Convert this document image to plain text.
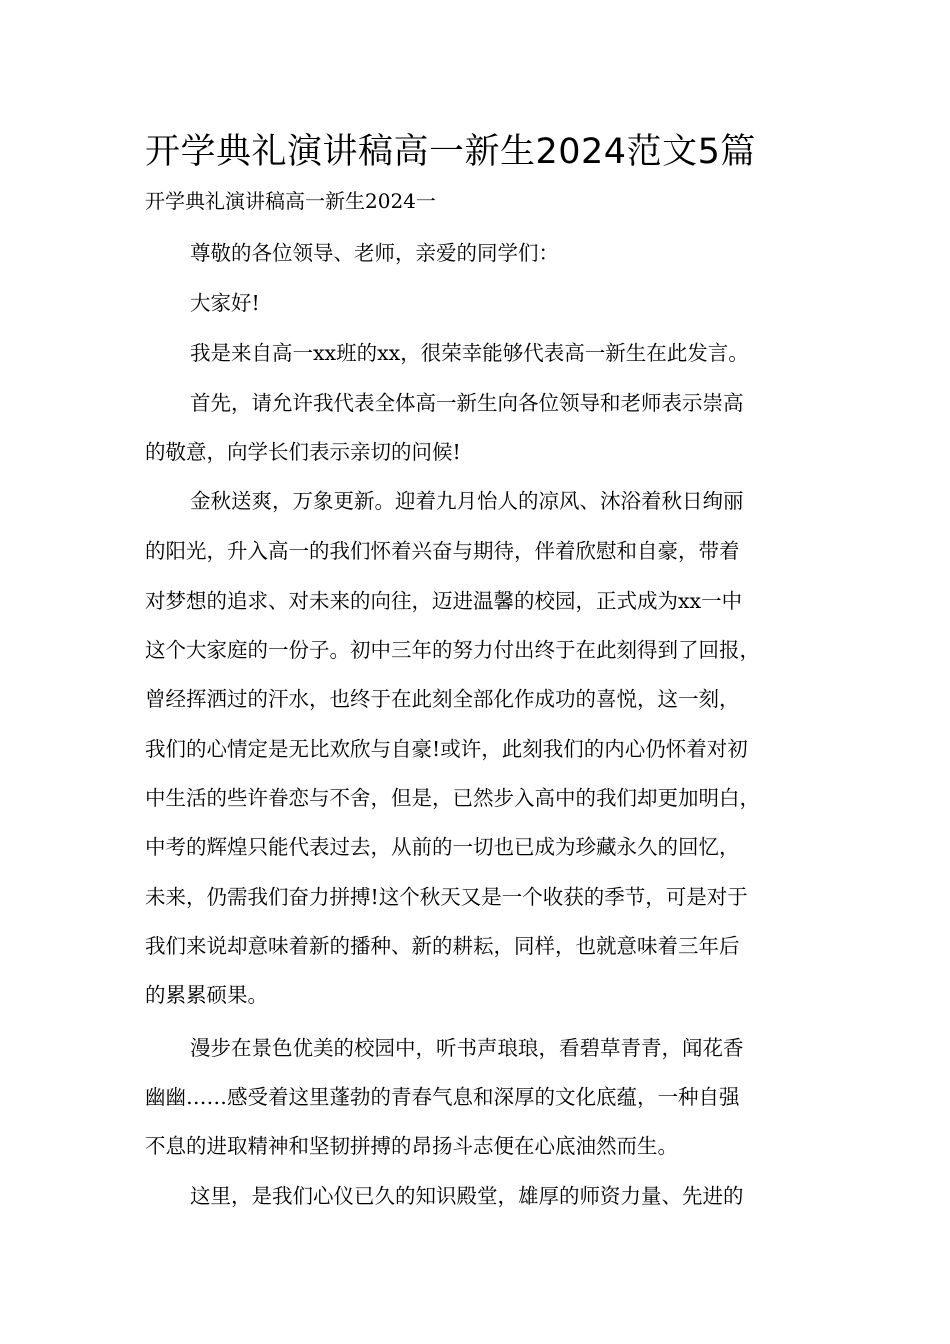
开学典礼演讲稿高一新生2024范文5篇
开学典礼演讲稿高一新生2024一
尊敬的各位领导、老师，亲爱的同学们：
大家好!
我是来自高一xx班的xx，很荣幸能够代表高一新生在此发言。
首先，请允许我代表全体高一新生向各位领导和老师表示崇高
的敬意，向学长们表示亲切的问候!
金秋送爽，万象更新。迎着九月怡人的凉风、沐浴着秋日绚丽
的阳光，升入高一的我们怀着兴奋与期待，伴着欣慰和自豪，带着
对梦想的追求、对未来的向往，迈进温馨的校园，正式成为xx一中
这个大家庭的一份子。初中三年的努力付出终于在此刻得到了回报，
曾经挥洒过的汗水，也终于在此刻全部化作成功的喜悦，这一刻，
我们的心情定是无比欢欣与自豪!或许，此刻我们的内心仍怀着对初
中生活的些许眷恋与不舍，但是，已然步入高中的我们却更加明白，
中考的辉煌只能代表过去，从前的一切也已成为珍藏永久的回忆，
未来，仍需我们奋力拼搏!这个秋天又是一个收获的季节，可是对于
我们来说却意味着新的播种、新的耕耘，同样，也就意味着三年后
的累累硕果。
漫步在景色优美的校园中，听书声琅琅，看碧草青青，闻花香
幽幽……感受着这里蓬勃的青春气息和深厚的文化底蕴，一种自强
不息的进取精神和坚韧拼搏的昂扬斗志便在心底油然而生。
这里，是我们心仪已久的知识殿堂，雄厚的师资力量、先进的
